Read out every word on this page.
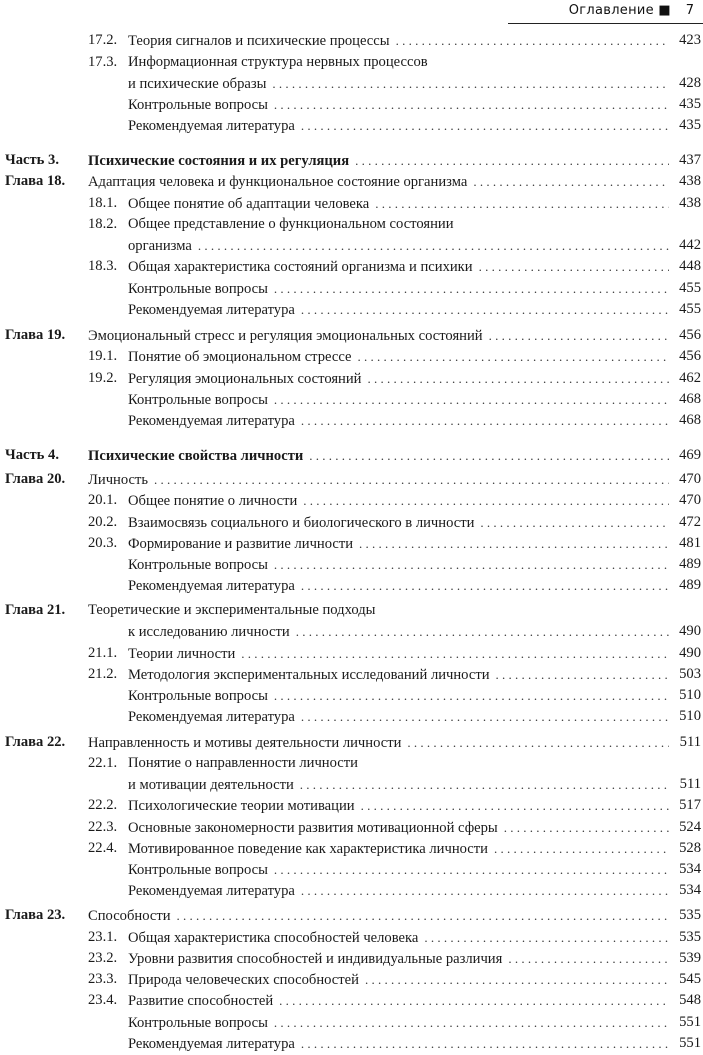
Оглавление ■ 7
17.2. Теория сигналов и психические процессы . . .	423
17.3. Информационная структура нервных процессов
и психические образы . . .	428
Контрольные вопросы . . .	435
Рекомендуемая литература . . .	435
Часть 3. Психические состояния и их регуляция . . .	437
Глава 18. Адаптация человека и функциональное состояние организма . . .	438
18.1. Общее понятие об адаптации человека . . .	438
18.2. Общее представление о функциональном состоянии
организма . . .	442
18.3. Общая характеристика состояний организма и психики . . .	448
Контрольные вопросы . . .	455
Рекомендуемая литература . . .	455
Глава 19. Эмоциональный стресс и регуляция эмоциональных состояний . . .	456
19.1. Понятие об эмоциональном стрессе . . .	456
19.2. Регуляция эмоциональных состояний . . .	462
Контрольные вопросы . . .	468
Рекомендуемая литература . . .	468
Часть 4. Психические свойства личности . . .	469
Глава 20. Личность . . .	470
20.1. Общее понятие о личности . . .	470
20.2. Взаимосвязь социального и биологического в личности . . .	472
20.3. Формирование и развитие личности . . .	481
Контрольные вопросы . . .	489
Рекомендуемая литература . . .	489
Глава 21. Теоретические и экспериментальные подходы
к исследованию личности . . .	490
21.1. Теории личности . . .	490
21.2. Методология экспериментальных исследований личности . . .	503
Контрольные вопросы . . .	510
Рекомендуемая литература . . .	510
Глава 22. Направленность и мотивы деятельности личности . . .	511
22.1. Понятие о направленности личности
и мотивации деятельности . . .	511
22.2. Психологические теории мотивации . . .	517
22.3. Основные закономерности развития мотивационной сферы . . .	524
22.4. Мотивированное поведение как характеристика личности . . .	528
Контрольные вопросы . . .	534
Рекомендуемая литература . . .	534
Глава 23. Способности . . .	535
23.1. Общая характеристика способностей человека . . .	535
23.2. Уровни развития способностей и индивидуальные различия . . .	539
23.3. Природа человеческих способностей . . .	545
23.4. Развитие способностей . . .	548
Контрольные вопросы . . .	551
Рекомендуемая литература . . .	551
